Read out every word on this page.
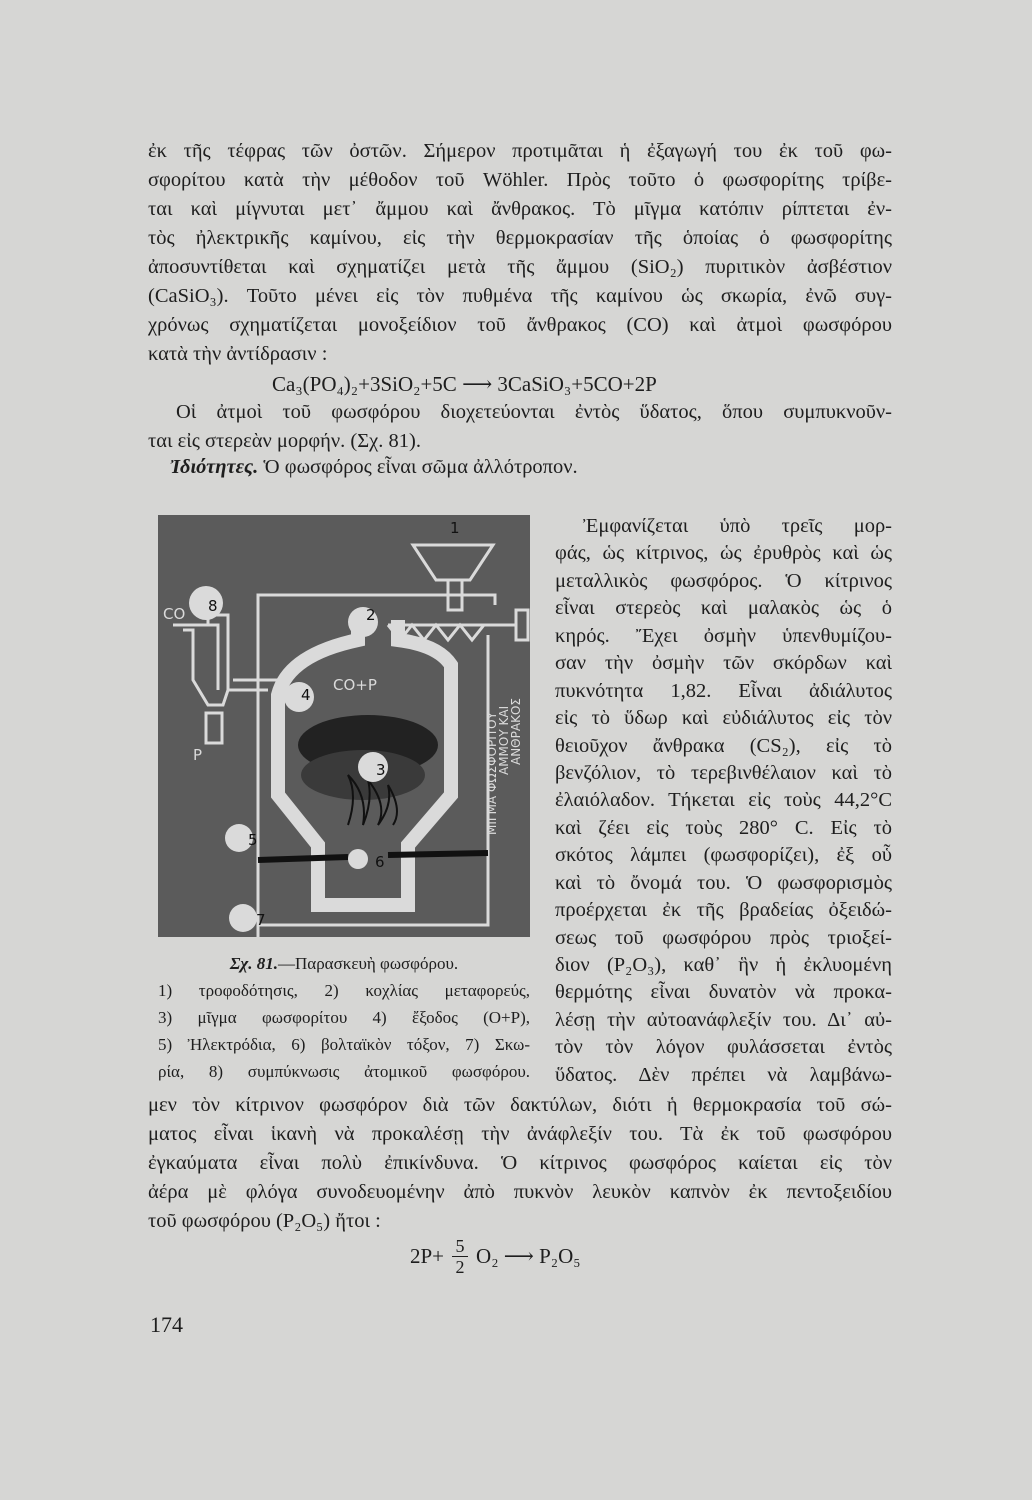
ἐκ τῆς τέφρας τῶν ὀστῶν. Σήμερον προτιμᾶται ἡ ἐξαγωγή του ἐκ τοῦ φω-
σφορίτου κατὰ τὴν μέθοδον τοῦ Wöhler. Πρὸς τοῦτο ὁ φωσφορίτης τρίβε-
ται καὶ μίγνυται μετ᾽ ἄμμου καὶ ἄνθρακος. Τὸ μῖγμα κατόπιν ρίπτεται ἐν-
τὸς ἠλεκτρικῆς καμίνου, εἰς τὴν θερμοκρασίαν τῆς ὁποίας ὁ φωσφορίτης
ἀποσυντίθεται καὶ σχηματίζει μετὰ τῆς ἄμμου (SiO₂) πυριτικὸν ἀσβέστιον
(CaSiO₃). Τοῦτο μένει εἰς τὸν πυθμένα τῆς καμίνου ὡς σκωρία, ἐνῶ συγ-
χρόνως σχηματίζεται μονοξείδιον τοῦ ἄνθρακος (CO) καὶ ἀτμοὶ φωσφόρου
κατὰ τὴν ἀντίδρασιν :
Οἱ ἀτμοὶ τοῦ φωσφόρου διοχετεύονται ἐντὸς ὕδατος, ὅπου συμπυκνοῦν-
ται εἰς στερεὰν μορφήν. (Σχ. 81).
Ca₃(PO₄)₂+3SiO₂+5C ⟶ 3CaSiO₃+5CO+2P
Ἰδιότητες. Ὁ φωσφόρος εἶναι σῶμα ἀλλότροπον.
1
2
3
4
5
6
7
8
CO
CO+P
P	ΜΙΓΜΑ ΦΩΣΦΟΡΙΤΟΥ
ΑΜΜΟΥ ΚΑΙ
ΑΝΘΡΑΚΟΣ
Σχ. 81.—Παρασκευὴ φωσφόρου.
1) τροφοδότησις, 2) κοχλίας μεταφορεύς,
3) μῖγμα φωσφορίτου 4) ἔξοδος (O+P),
5) Ἠλεκτρόδια, 6) βολταϊκὸν τόξον, 7) Σκω-
ρία, 8) συμπύκνωσις ἀτομικοῦ φωσφόρου.
Ἐμφανίζεται ὑπὸ τρεῖς μορ-
φάς, ὡς κίτρινος, ὡς ἐρυθρὸς καὶ ὡς
μεταλλικὸς φωσφόρος. Ὁ κίτρινος
εἶναι στερεὸς καὶ μαλακὸς ὡς ὁ
κηρός. Ἔχει ὀσμὴν ὑπενθυμίζου-
σαν τὴν ὀσμὴν τῶν σκόρδων καὶ
πυκνότητα 1,82. Εἶναι ἀδιάλυτος
εἰς τὸ ὕδωρ καὶ εὐδιάλυτος εἰς τὸν
θειοῦχον ἄνθρακα (CS₂), εἰς τὸ
βενζόλιον, τὸ τερεβινθέλαιον καὶ τὸ
ἐλαιόλαδον. Τήκεται εἰς τοὺς 44,2°C
καὶ ζέει εἰς τοὺς 280° C. Εἰς τὸ
σκότος λάμπει (φωσφορίζει), ἐξ οὗ
καὶ τὸ ὄνομά του. Ὁ φωσφορισμὸς
προέρχεται ἐκ τῆς βραδείας ὀξειδώ-
σεως τοῦ φωσφόρου πρὸς τριοξεί-
διον (P₂O₃), καθ᾽ ἣν ἡ ἐκλυομένη
θερμότης εἶναι δυνατὸν νὰ προκα-
λέσῃ τὴν αὐτοανάφλεξίν του. Δι᾽ αὐ-
τὸν τὸν λόγον φυλάσσεται ἐντὸς
ὕδατος. Δὲν πρέπει νὰ λαμβάνω-
μεν τὸν κίτρινον φωσφόρον διὰ τῶν δακτύλων, διότι ἡ θερμοκρασία τοῦ σώ-
ματος εἶναι ἱκανὴ νὰ προκαλέσῃ τὴν ἀνάφλεξίν του. Τὰ ἐκ τοῦ φωσφόρου
ἐγκαύματα εἶναι πολὺ ἐπικίνδυνα. Ὁ κίτρινος φωσφόρος καίεται εἰς τὸν
ἀέρα μὲ φλόγα συνοδευομένην ἀπὸ πυκνὸν λευκὸν καπνὸν ἐκ πεντοξειδίου
τοῦ φωσφόρου (P₂O₅) ἤτοι :
$2P+ \frac{5}{2} O_2$ ⟶ P₂O₅
174
